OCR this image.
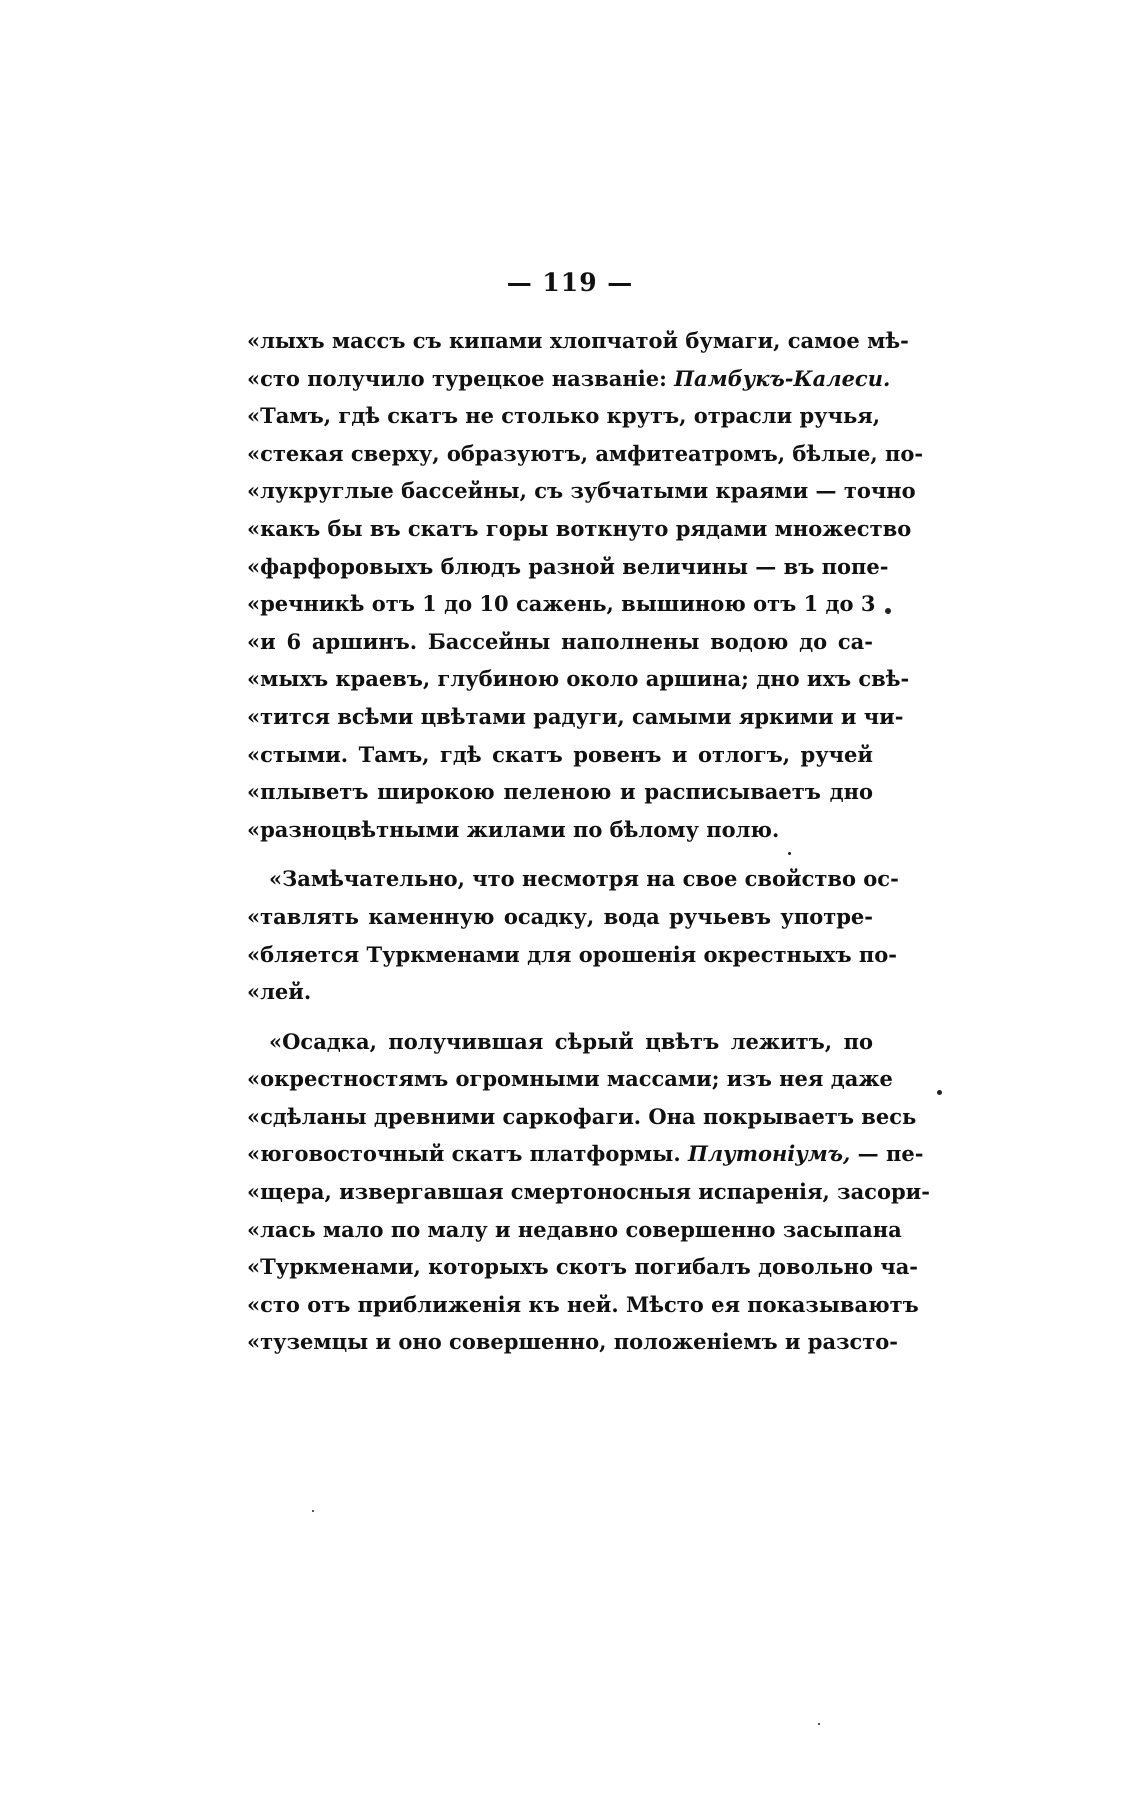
— 119 —
«лыхъ массъ съ кипами хлопчатой бумаги, самое мѣ-
«сто получило турецкое названіе: Памбукъ-Калеси.
«Тамъ, гдѣ скатъ не столько крутъ, отрасли ручья,
«стекая сверху, образуютъ, амфитеатромъ, бѣлые, по-
«лукруглые бассейны, съ зубчатыми краями — точно
«какъ бы въ скатъ горы воткнуто рядами множество
«фарфоровыхъ блюдъ разной величины — въ попе-
«речникѣ отъ 1 до 10 сажень, вышиною отъ 1 до 3
«и 6 аршинъ. Бассейны наполнены водою до са-
«мыхъ краевъ, глубиною около аршина; дно ихъ свѣ-
«тится всѣми цвѣтами радуги, самыми яркими и чи-
«стыми. Тамъ, гдѣ скатъ ровенъ и отлогъ, ручей
«плыветъ широкою пеленою и расписываетъ дно
«разноцвѣтными жилами по бѣлому полю.
«Замѣчательно, что несмотря на свое свойство ос-
«тавлять каменную осадку, вода ручьевъ употре-
«бляется Туркменами для орошенія окрестныхъ по-
«лей.
«Осадка, получившая сѣрый цвѣтъ лежитъ, по
«окрестностямъ огромными массами; изъ нея даже
«сдѣланы древними саркофаги. Она покрываетъ весь
«юговосточный скатъ платформы. Плутоніумъ, — пе-
«щера, извергавшая смертоносныя испаренія, засори-
«лась мало по малу и недавно совершенно засыпана
«Туркменами, которыхъ скотъ погибалъ довольно ча-
«сто отъ приближенія къ ней. Мѣсто ея показываютъ
«туземцы и оно совершенно, положеніемъ и разсто-
